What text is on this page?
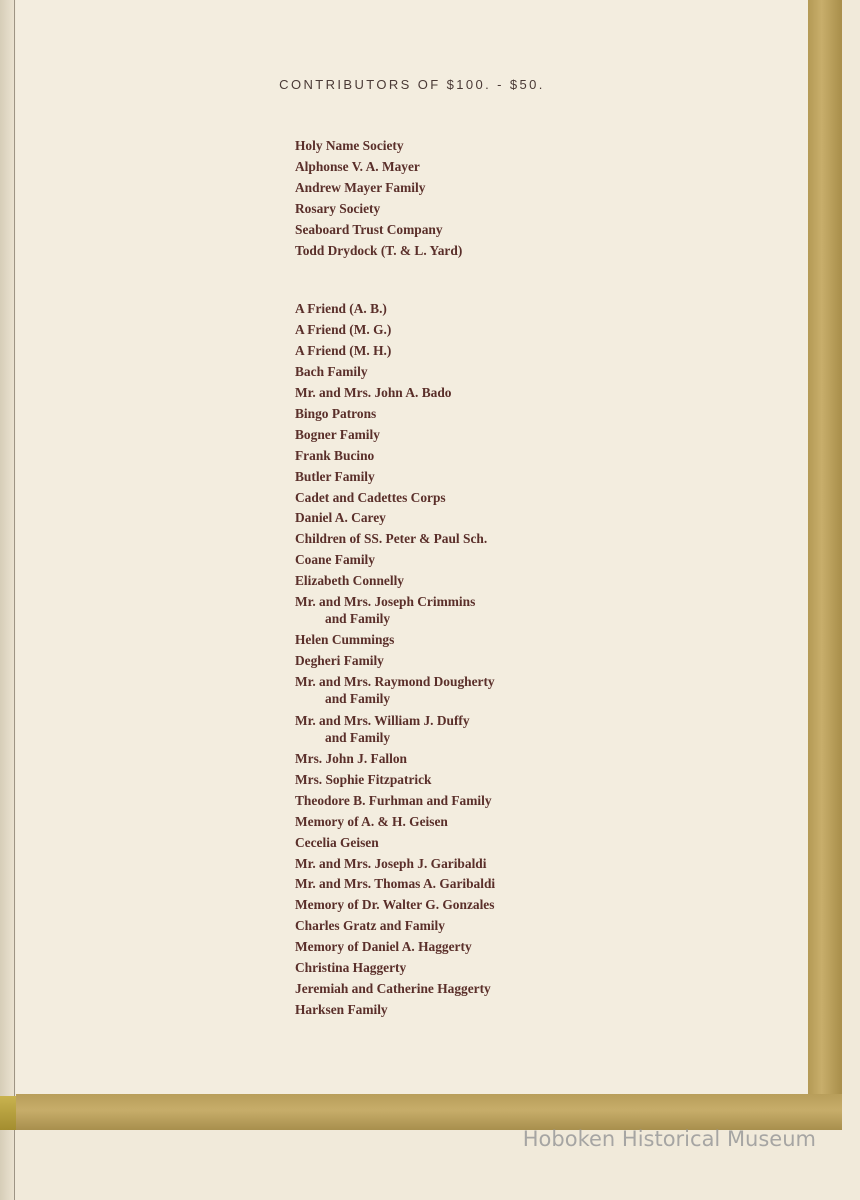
CONTRIBUTORS OF $100. - $50.
Holy Name Society
Alphonse V. A. Mayer
Andrew Mayer Family
Rosary Society
Seaboard Trust Company
Todd Drydock (T. & L. Yard)
A Friend (A. B.)
A Friend (M. G.)
A Friend (M. H.)
Bach Family
Mr. and Mrs. John A. Bado
Bingo Patrons
Bogner Family
Frank Bucino
Butler Family
Cadet and Cadettes Corps
Daniel A. Carey
Children of SS. Peter & Paul Sch.
Coane Family
Elizabeth Connelly
Mr. and Mrs. Joseph Crimmins
and Family
Helen Cummings
Degheri Family
Mr. and Mrs. Raymond Dougherty
and Family
Mr. and Mrs. William J. Duffy
and Family
Mrs. John J. Fallon
Mrs. Sophie Fitzpatrick
Theodore B. Furhman and Family
Memory of A. & H. Geisen
Cecelia Geisen
Mr. and Mrs. Joseph J. Garibaldi
Mr. and Mrs. Thomas A. Garibaldi
Memory of Dr. Walter G. Gonzales
Charles Gratz and Family
Memory of Daniel A. Haggerty
Christina Haggerty
Jeremiah and Catherine Haggerty
Harksen Family
Hoboken Historical Museum
